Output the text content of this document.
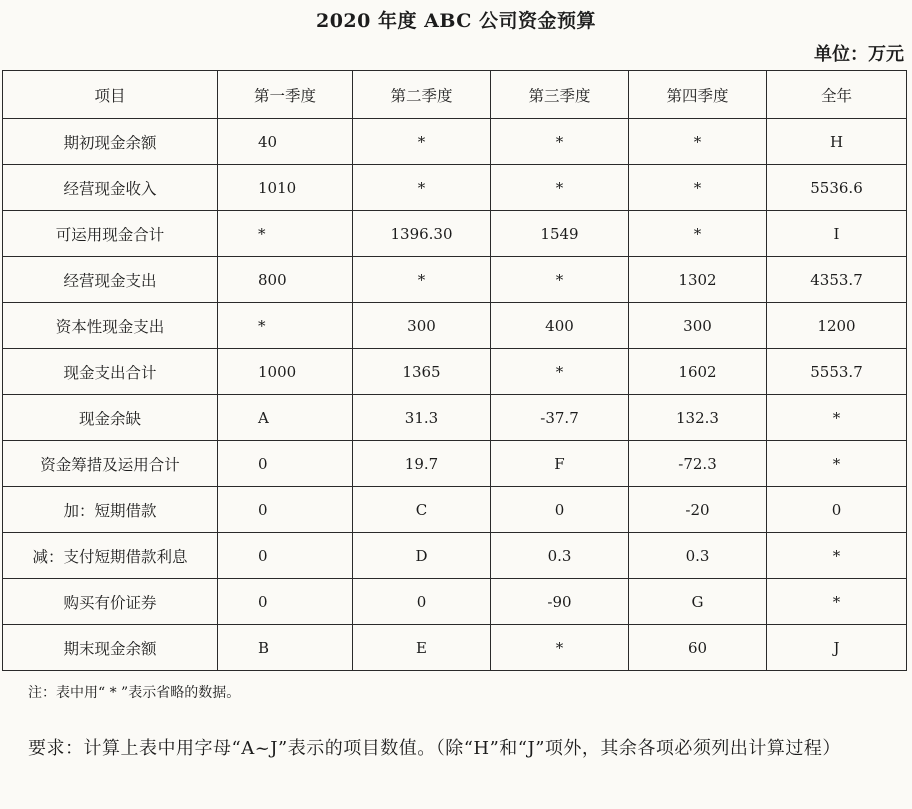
2020 年度 ABC 公司资金预算
单位：万元
项目	第一季度	第二季度	第三季度	第四季度	全年
期初现金余额	40	*	*	*	H
经营现金收入	1010	*	*	*	5536.6
可运用现金合计	*	1396.30	1549	*	I
经营现金支出	800	*	*	1302	4353.7
资本性现金支出	*	300	400	300	1200
现金支出合计	1000	1365	*	1602	5553.7
现金余缺	A	31.3	-37.7	132.3	*
资金筹措及运用合计	0	19.7	F	-72.3	*
加：短期借款	0	C	0	-20	0
减：支付短期借款利息	0	D	0.3	0.3	*
购买有价证券	0	0	-90	G	*
期末现金余额	B	E	*	60	J
注：表中用“ * ”表示省略的数据。
要求：计算上表中用字母“A~J”表示的项目数值。（除“H”和“J”项外，其余各项必须列出计算过程）
